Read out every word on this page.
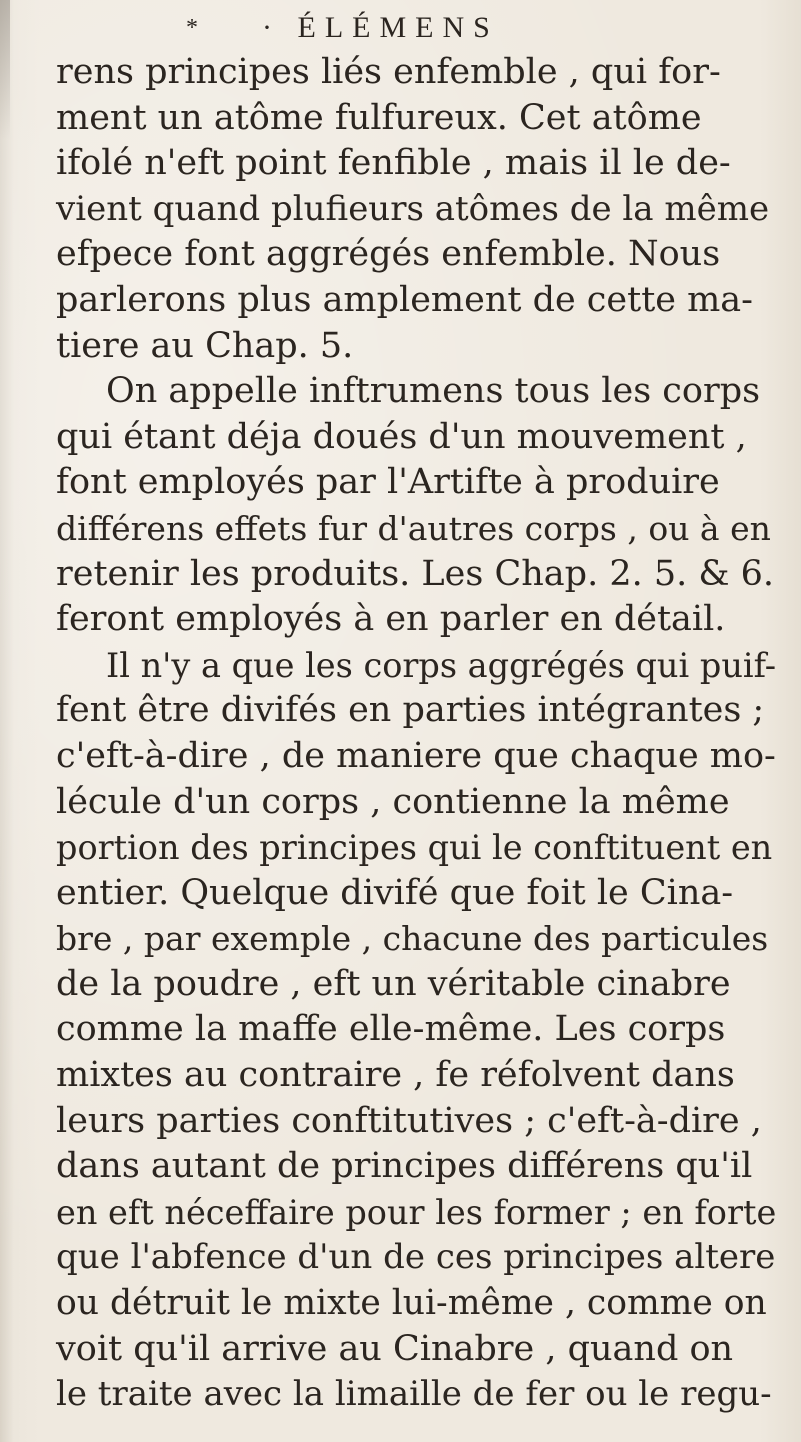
* · ÉLÉMENS
rens principes liés enfemble , qui for-
ment un atôme fulfureux. Cet atôme
ifolé n'eft point fenfible , mais il le de-
vient quand plufieurs atômes de la même
efpece font aggrégés enfemble. Nous
parlerons plus amplement de cette ma-
tiere au Chap. 5.
On appelle inftrumens tous les corps
qui étant déja doués d'un mouvement ,
font employés par l'Artifte à produire
différens effets fur d'autres corps , ou à en
retenir les produits. Les Chap. 2. 5. & 6.
feront employés à en parler en détail.
Il n'y a que les corps aggrégés qui puif-
fent être divifés en parties intégrantes ;
c'eft-à-dire , de maniere que chaque mo-
lécule d'un corps , contienne la même
portion des principes qui le conftituent en
entier. Quelque divifé que foit le Cina-
bre , par exemple , chacune des particules
de la poudre , eft un véritable cinabre
comme la maffe elle-même. Les corps
mixtes au contraire , fe réfolvent dans
leurs parties conftitutives ; c'eft-à-dire ,
dans autant de principes différens qu'il
en eft néceffaire pour les former ; en forte
que l'abfence d'un de ces principes altere
ou détruit le mixte lui-même , comme on
voit qu'il arrive au Cinabre , quand on
le traite avec la limaille de fer ou le regu-
